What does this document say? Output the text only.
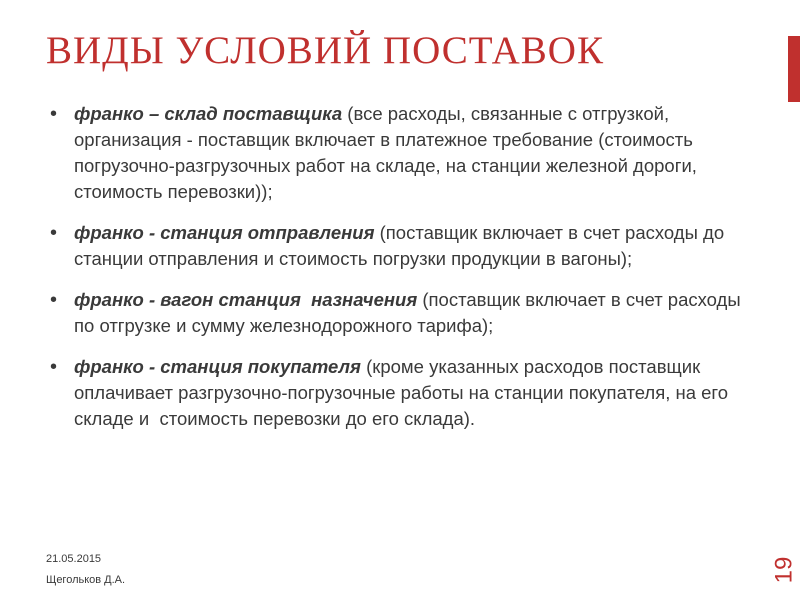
ВИДЫ УСЛОВИЙ ПОСТАВОК
• франко – склад поставщика (все расходы, связанные с отгрузкой, организация - поставщик включает в платежное требование (стоимость погрузочно-разгрузочных работ на складе, на станции железной дороги, стоимость перевозки));
• франко - станция отправления (поставщик включает в счет расходы до станции отправления и стоимость погрузки продукции в вагоны);
• франко - вагон станция  назначения (поставщик включает в счет расходы по отгрузке и сумму железнодорожного тарифа);
• франко - станция покупателя (кроме указанных расходов поставщик оплачивает разгрузочно-погрузочные работы на станции покупателя, на его складе и  стоимость перевозки до его склада).
21.05.2015
Щегольков Д.А.	19
